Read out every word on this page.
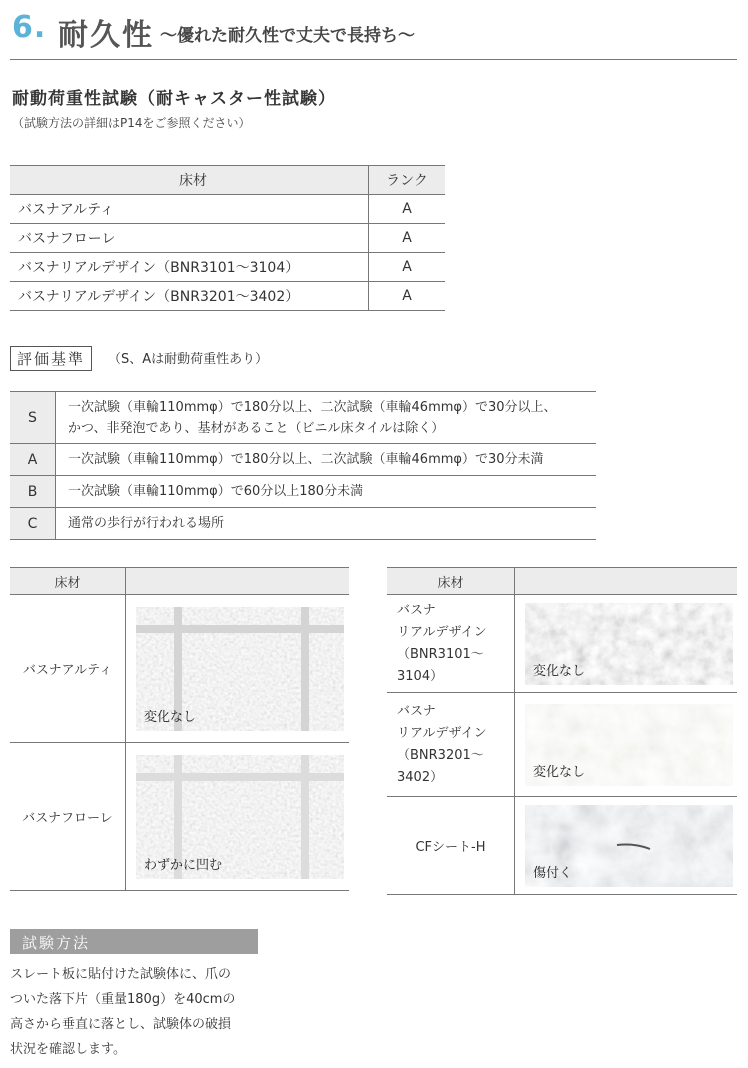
6. 耐久性 〜優れた耐久性で丈夫で長持ち〜
耐動荷重性試験（耐キャスター性試験）
（試験方法の詳細はP14をご参照ください）
床材	ランク
バスナアルティ	A
バスナフローレ	A
バスナリアルデザイン（BNR3101〜3104）	A
バスナリアルデザイン（BNR3201〜3402）	A
評価基準	（S、Aは耐動荷重性あり）
S	一次試験（車輪110mmφ）で180分以上、二次試験（車輪46mmφ）で30分以上、
かつ、非発泡であり、基材があること（ビニル床タイルは除く）

A	一次試験（車輪110mmφ）で180分以上、二次試験（車輪46mmφ）で30分未満
B	一次試験（車輪110mmφ）で60分以上180分未満
C	通常の歩行が行われる場所
床材	
バスナアルティ	変化なし

バスナフローレ	わずかに凹む
床材	

バスナ
リアルデザイン
（BNR3101〜3104）	変化なし

バスナ
リアルデザイン
（BNR3201〜3402）	変化なし

CFシート-H	傷付く
試験方法
スレート板に貼付けた試験体に、爪の
ついた落下片（重量180g）を40cmの
高さから垂直に落とし、試験体の破損
状況を確認します。
